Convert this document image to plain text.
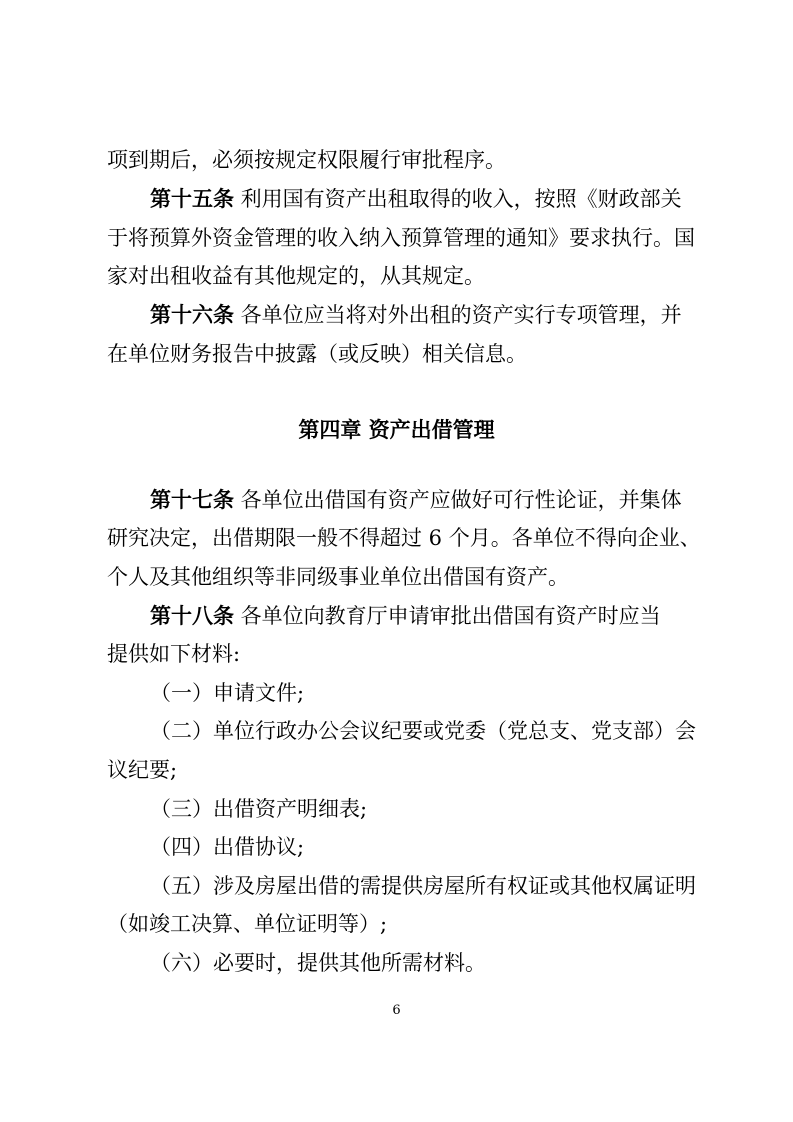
项到期后，必须按规定权限履行审批程序。
第十五条 利用国有资产出租取得的收入，按照《财政部关
于将预算外资金管理的收入纳入预算管理的通知》要求执行。国
家对出租收益有其他规定的，从其规定。
第十六条 各单位应当将对外出租的资产实行专项管理，并
在单位财务报告中披露（或反映）相关信息。
第四章 资产出借管理
第十七条 各单位出借国有资产应做好可行性论证，并集体
研究决定，出借期限一般不得超过 6 个月。各单位不得向企业、
个人及其他组织等非同级事业单位出借国有资产。
第十八条 各单位向教育厅申请审批出借国有资产时应当
提供如下材料:
（一）申请文件;
（二）单位行政办公会议纪要或党委（党总支、党支部）会
议纪要;
（三）出借资产明细表;
（四）出借协议;
（五）涉及房屋出借的需提供房屋所有权证或其他权属证明
（如竣工决算、单位证明等）;
（六）必要时，提供其他所需材料。
6
